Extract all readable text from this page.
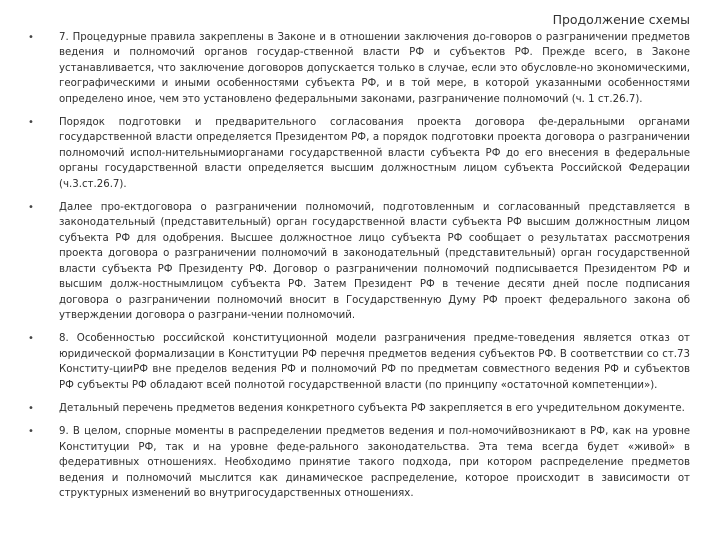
Продолжение схемы
•	7. Процедурные правила закреплены в Законе и в отношении заключения до-говоров о разграничении предметов ведения и полномочий органов государ-ственной власти РФ и субъектов РФ. Прежде всего, в Законе устанавливается, что заключение договоров допускается только в случае, если это обусловле-но экономическими, географическими и иными особенностями субъекта РФ, и в той мере, в которой указанными особенностями определено иное, чем это установлено федеральными законами, разграничение полномочий (ч. 1 ст.26.7).
•	Порядок подготовки и предварительного согласования проекта договора фе-деральными органами государственной власти определяется Президентом РФ, а порядок подготовки проекта договора о разграничении полномочий испол-нительнымиорганами государственной власти субъекта РФ до его внесения в федеральные органы государственной власти определяется высшим должностным лицом субъекта Российской Федерации (ч.3.ст.26.7).
•	Далее про-ектдоговора о разграничении полномочий, подготовленным и согласованный представляется в законодательный (представительный) орган государственной власти субъекта РФ высшим должностным лицом субъекта РФ для одобрения. Высшее должностное лицо субъекта РФ сообщает о результатах рассмотрения проекта договора о разграничении полномочий в законодательный (представительный) орган государственной власти субъекта РФ Президенту РФ. Договор о разграничении полномочий подписывается Президентом РФ и высшим долж-ностнымлицом субъекта РФ. Затем Президент РФ в течение десяти дней после подписания договора о разграничении полномочий вносит в Государственную Думу РФ проект федерального закона об утверждении договора о разграни-чении полномочий.
•	8. Особенностью российской конституционной модели разграничения предме-товедения является отказ от юридической формализации в Конституции РФ перечня предметов ведения субъектов РФ. В соответствии со ст.73 Конститу-цииРФ вне пределов ведения РФ и полномочий РФ по предметам совместного ведения РФ и субъектов РФ субъекты РФ обладают всей полнотой государственной власти (по принципу «остаточной компетенции»).
•	Детальный перечень предметов ведения конкретного субъекта РФ закрепляется в его учредительном документе.
•	9. В целом, спорные моменты в распределении предметов ведения и пол-номочийвозникают в РФ, как на уровне Конституции РФ, так и на уровне феде-рального законодательства. Эта тема всегда будет «живой» в федеративных отношениях. Необходимо принятие такого подхода, при котором распределение предметов ведения и полномочий мыслится как динамическое распределение, которое происходит в зависимости от структурных изменений во внутригосударственных отношениях.
